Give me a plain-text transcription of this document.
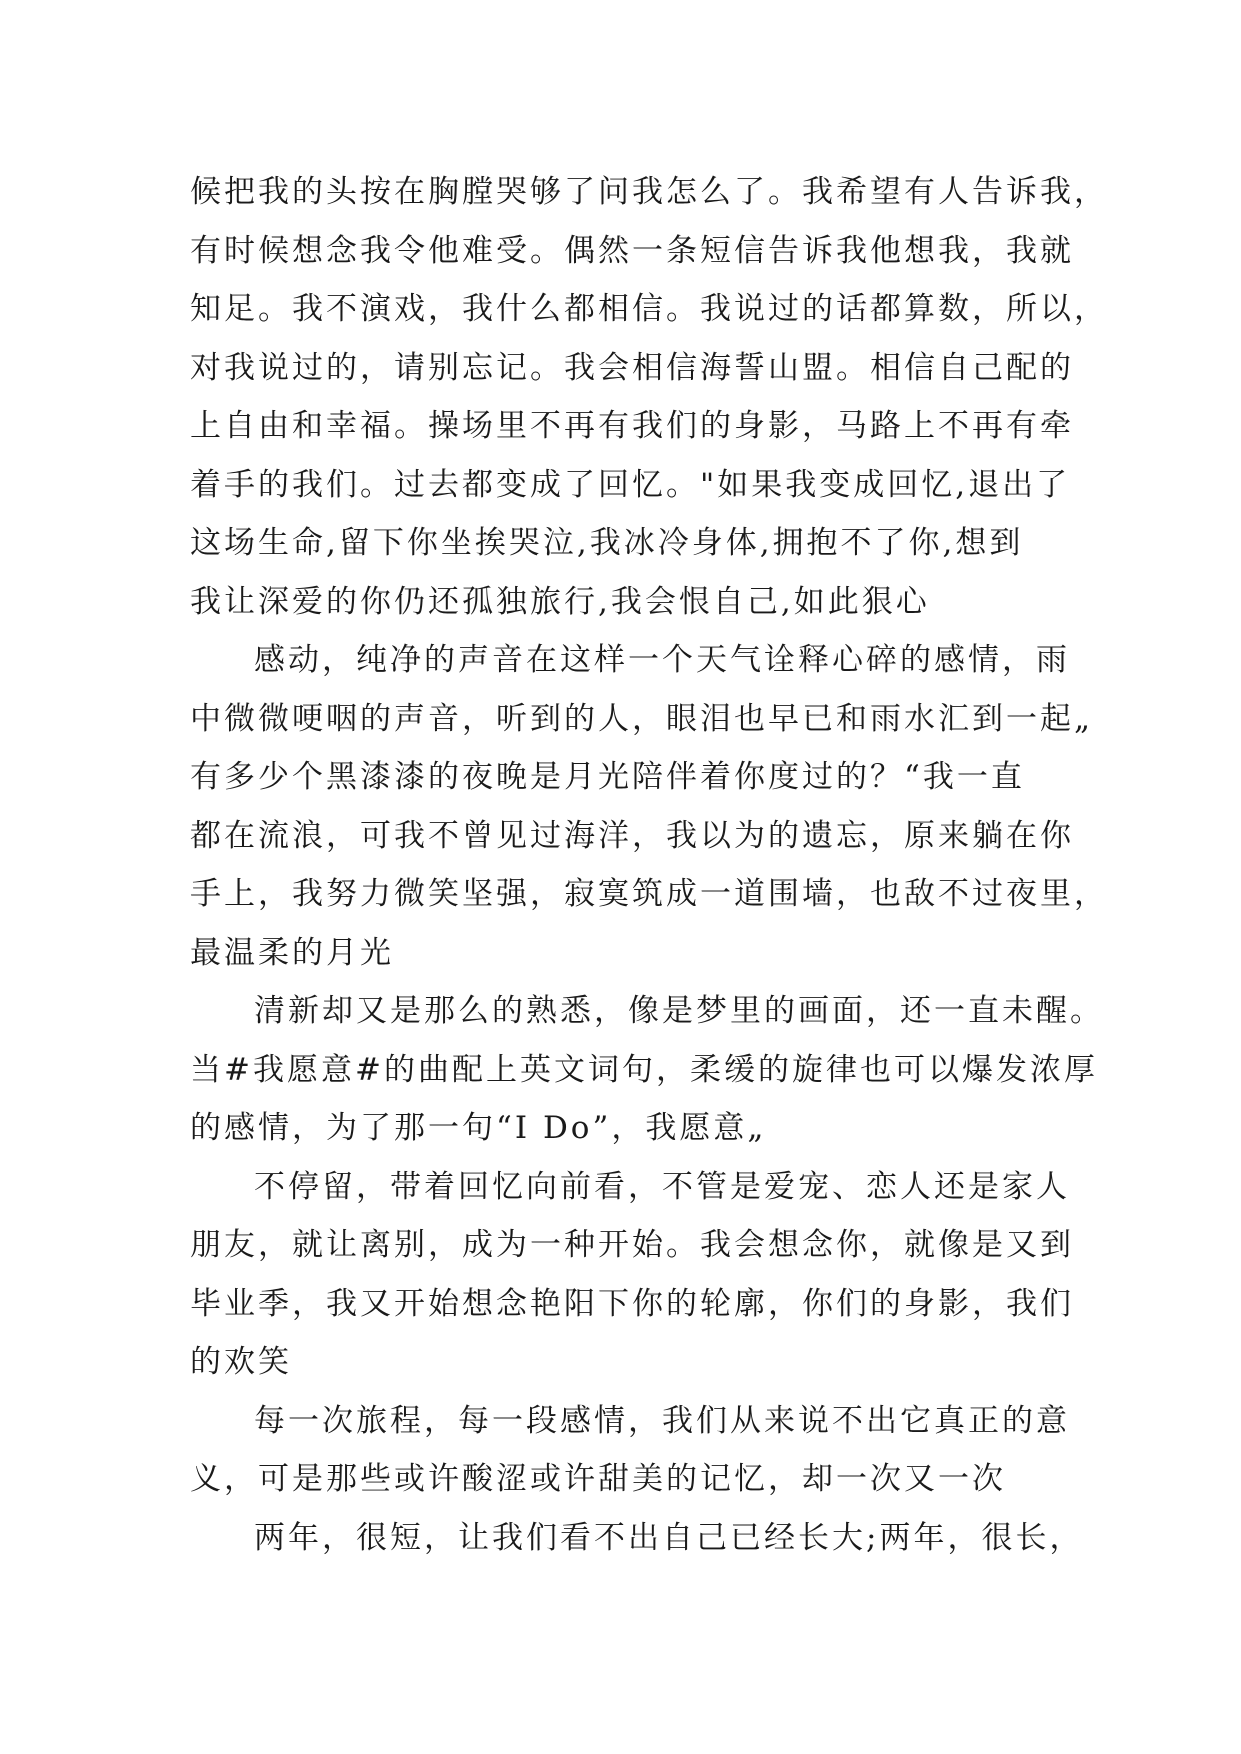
候把我的头按在胸膛哭够了问我怎么了。我希望有人告诉我，
有时候想念我令他难受。偶然一条短信告诉我他想我，我就
知足。我不演戏，我什么都相信。我说过的话都算数，所以，
对我说过的，请别忘记。我会相信海誓山盟。相信自己配的
上自由和幸福。操场里不再有我们的身影，马路上不再有牵
着手的我们。过去都变成了回忆。"如果我变成回忆,退出了
这场生命,留下你坐挨哭泣,我冰冷身体,拥抱不了你,想到
我让深爱的你仍还孤独旅行,我会恨自己,如此狠心
感动，纯净的声音在这样一个天气诠释心碎的感情，雨
中微微哽咽的声音，听到的人，眼泪也早已和雨水汇到一起„
有多少个黑漆漆的夜晚是月光陪伴着你度过的？“我一直
都在流浪，可我不曾见过海洋，我以为的遗忘，原来躺在你
手上，我努力微笑坚强，寂寞筑成一道围墙，也敌不过夜里，
最温柔的月光
清新却又是那么的熟悉，像是梦里的画面，还一直未醒。
当#我愿意#的曲配上英文词句，柔缓的旋律也可以爆发浓厚
的感情，为了那一句“I Do”，我愿意„
不停留，带着回忆向前看，不管是爱宠、恋人还是家人
朋友，就让离别，成为一种开始。我会想念你，就像是又到
毕业季，我又开始想念艳阳下你的轮廓，你们的身影，我们
的欢笑
每一次旅程，每一段感情，我们从来说不出它真正的意
义，可是那些或许酸涩或许甜美的记忆，却一次又一次
两年，很短，让我们看不出自己已经长大;两年，很长，
